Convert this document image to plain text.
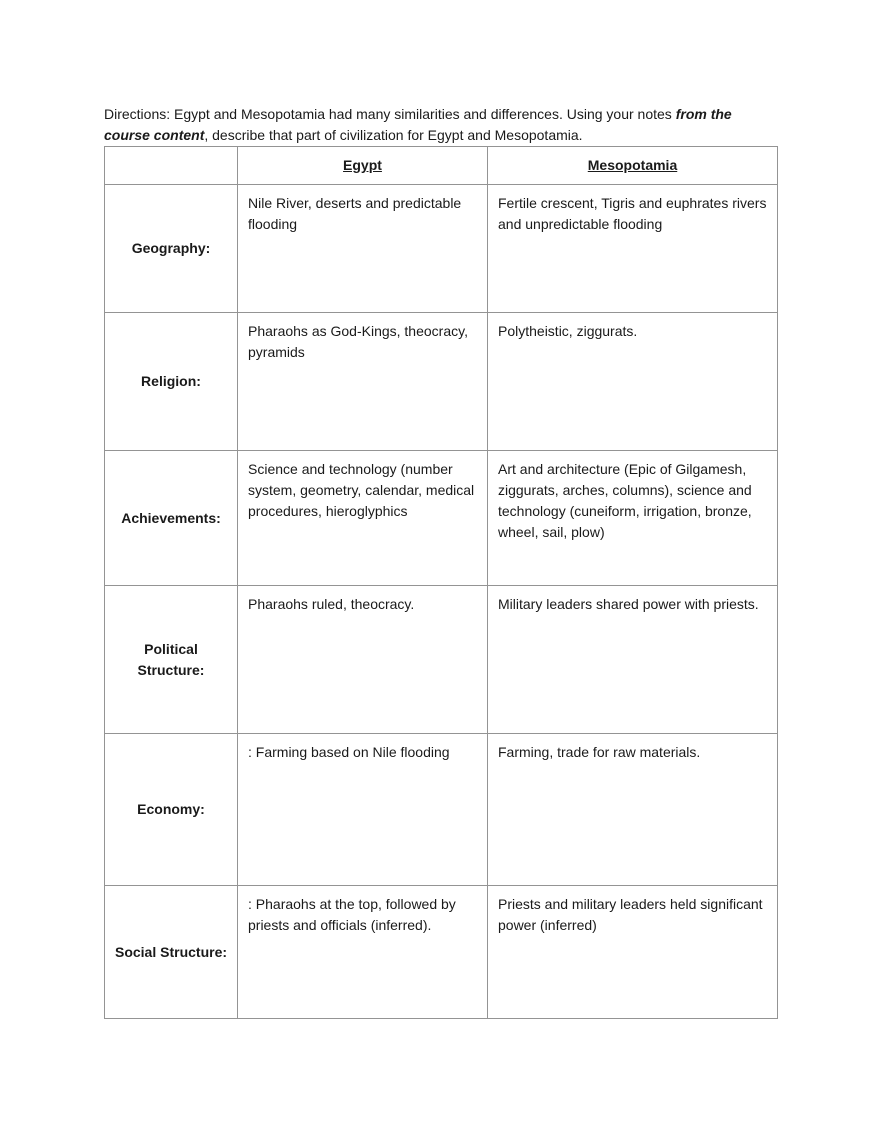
Directions: Egypt and Mesopotamia had many similarities and differences. Using your notes from the course content, describe that part of civilization for Egypt and Mesopotamia.

	Egypt	Mesopotamia
Geography:	Nile River, deserts and predictable flooding	Fertile crescent, Tigris and euphrates rivers and unpredictable flooding
Religion:	Pharaohs as God-Kings, theocracy, pyramids	Polytheistic, ziggurats.
Achievements:	Science and technology (number system, geometry, calendar, medical procedures, hieroglyphics	Art and architecture (Epic of Gilgamesh, ziggurats, arches, columns), science and technology (cuneiform, irrigation, bronze, wheel, sail, plow)
Political Structure:	Pharaohs ruled, theocracy.	Military leaders shared power with priests.
Economy:	: Farming based on Nile flooding	Farming, trade for raw materials.
Social Structure:	: Pharaohs at the top, followed by priests and officials (inferred).	Priests and military leaders held significant power (inferred)
